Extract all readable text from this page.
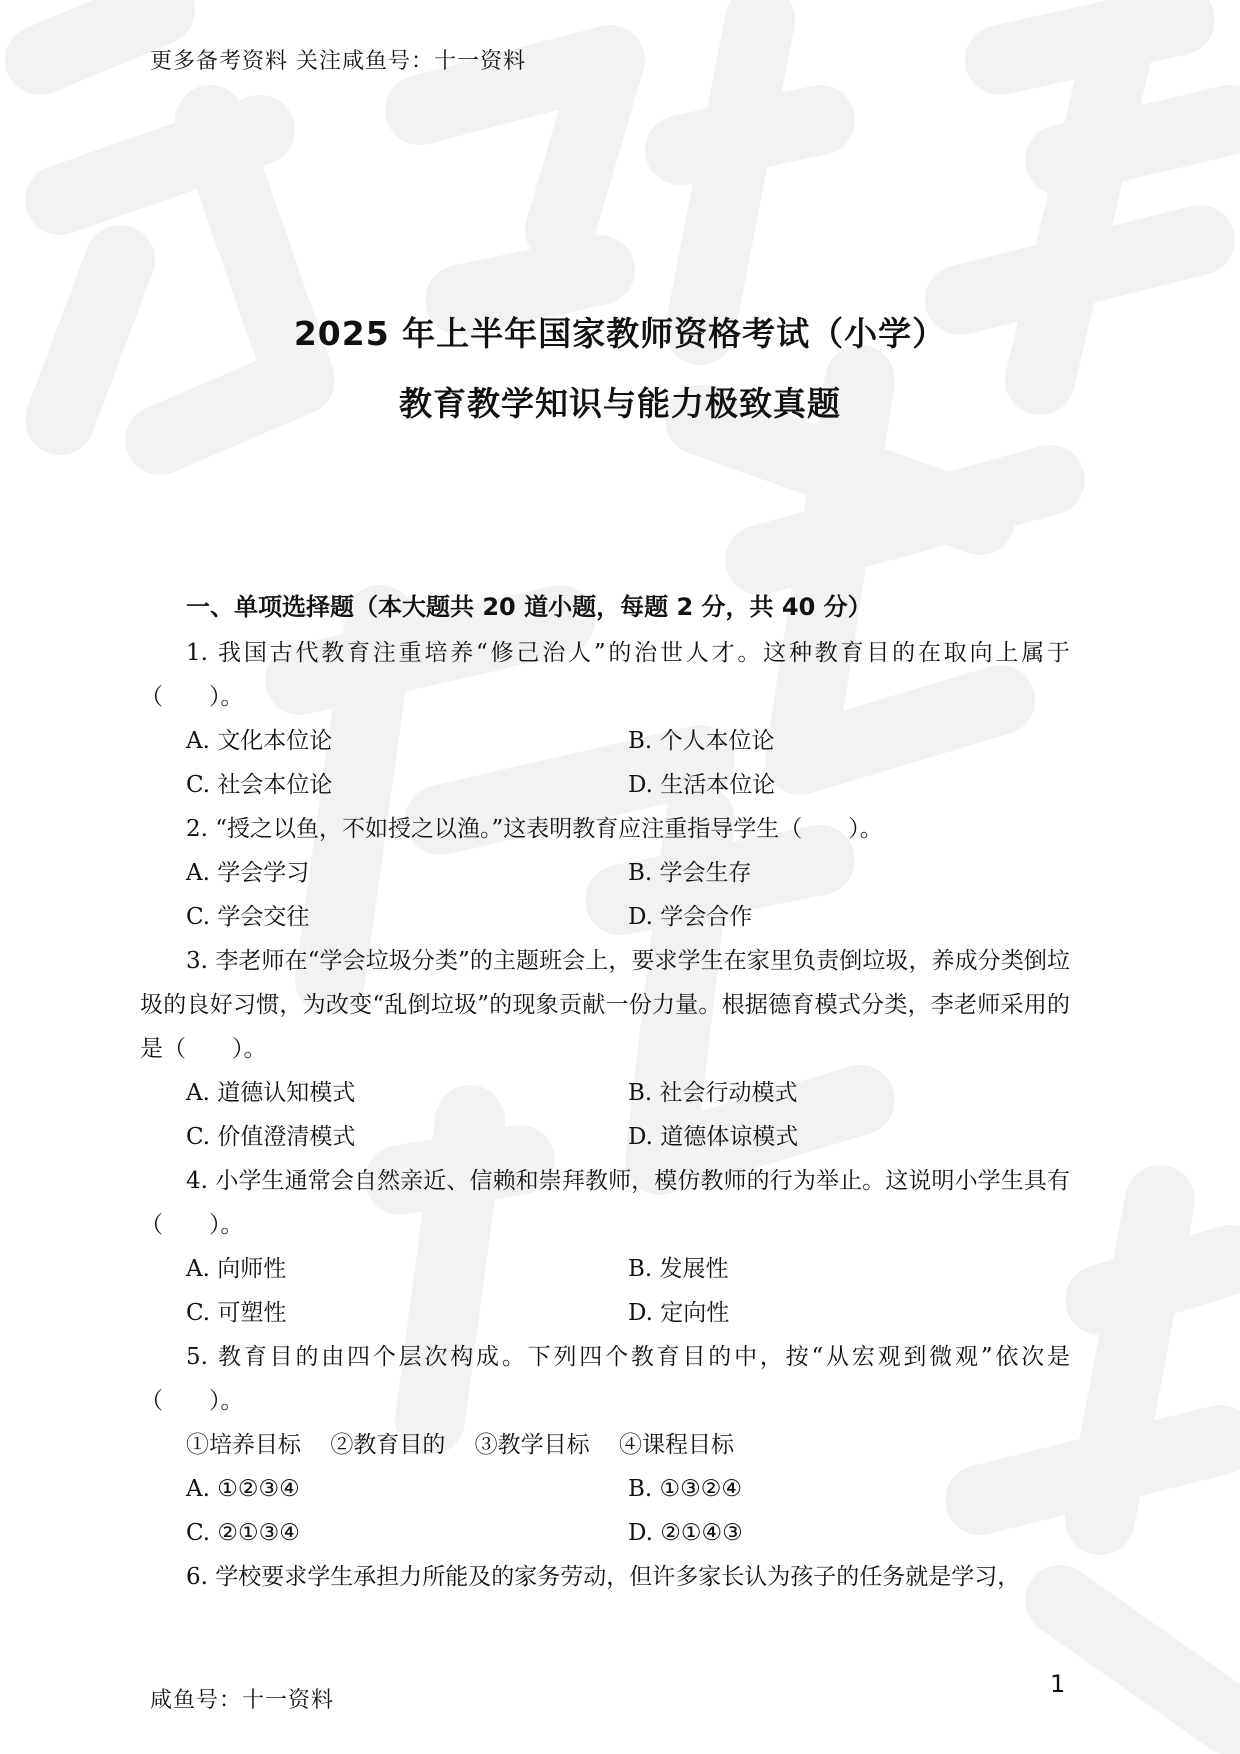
更多备考资料 关注咸鱼号：十一资料
2025 年上半年国家教师资格考试（小学）
教育教学知识与能力极致真题
一、单项选择题（本大题共 20 道小题，每题 2 分，共 40 分）
1. 我国古代教育注重培养“修己治人”的治世人才。这种教育目的在取向上属于（　　）。
A. 文化本位论	B. 个人本位论
C. 社会本位论	D. 生活本位论
2. “授之以鱼，不如授之以渔。”这表明教育应注重指导学生（　　）。
A. 学会学习	B. 学会生存
C. 学会交往	D. 学会合作
3. 李老师在“学会垃圾分类”的主题班会上，要求学生在家里负责倒垃圾，养成分类倒垃圾的良好习惯，为改变“乱倒垃圾”的现象贡献一份力量。根据德育模式分类，李老师采用的是（　　）。
A. 道德认知模式	B. 社会行动模式
C. 价值澄清模式	D. 道德体谅模式
4. 小学生通常会自然亲近、信赖和崇拜教师，模仿教师的行为举止。这说明小学生具有（　　）。
A. 向师性	B. 发展性
C. 可塑性	D. 定向性
5. 教育目的由四个层次构成。下列四个教育目的中，按“从宏观到微观”依次是（　　）。
①培养目标 ②教育目的 ③教学目标 ④课程目标
A. ①②③④	B. ①③②④
C. ②①③④	D. ②①④③
6. 学校要求学生承担力所能及的家务劳动，但许多家长认为孩子的任务就是学习，
咸鱼号：十一资料
1
